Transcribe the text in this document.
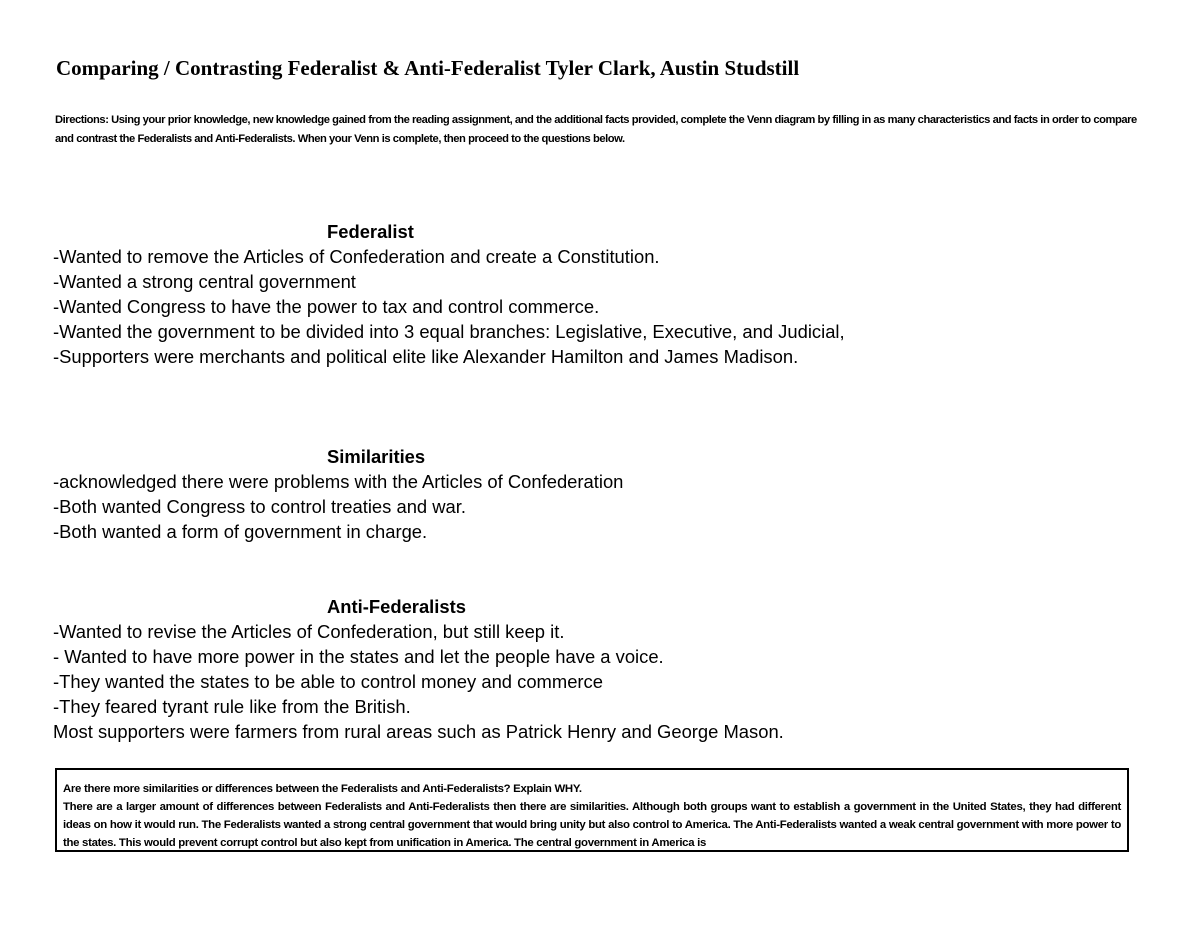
Comparing / Contrasting Federalist & Anti-Federalist Tyler Clark, Austin Studstill
Directions: Using your prior knowledge, new knowledge gained from the reading assignment, and the additional facts provided, complete the Venn diagram by filling in as many characteristics and facts in order to compare and contrast the Federalists and Anti-Federalists. When your Venn is complete, then proceed to the questions below.
Federalist
-Wanted to remove the Articles of Confederation and create a Constitution.
-Wanted a strong central government
-Wanted Congress to have the power to tax and control commerce.
-Wanted the government to be divided into 3 equal branches: Legislative, Executive, and Judicial,
-Supporters were merchants and political elite like Alexander Hamilton and James Madison.
Similarities
-acknowledged there were problems with the Articles of Confederation
-Both wanted Congress to control treaties and war.
-Both wanted a form of government in charge.
Anti-Federalists
-Wanted to revise the Articles of Confederation, but still keep it.
- Wanted to have more power in the states and let the people have a voice.
-They wanted the states to be able to control money and commerce
-They feared tyrant rule like from the British.
Most supporters were farmers from rural areas such as Patrick Henry and George Mason.
Are there more similarities or differences between the Federalists and Anti-Federalists? Explain WHY.
There are a larger amount of differences between Federalists and Anti-Federalists then there are similarities. Although both groups want to establish a government in the United States, they had different ideas on how it would run. The Federalists wanted a strong central government that would bring unity but also control to America. The Anti-Federalists wanted a weak central government with more power to the states. This would prevent corrupt control but also kept from unification in America. The central government in America is
